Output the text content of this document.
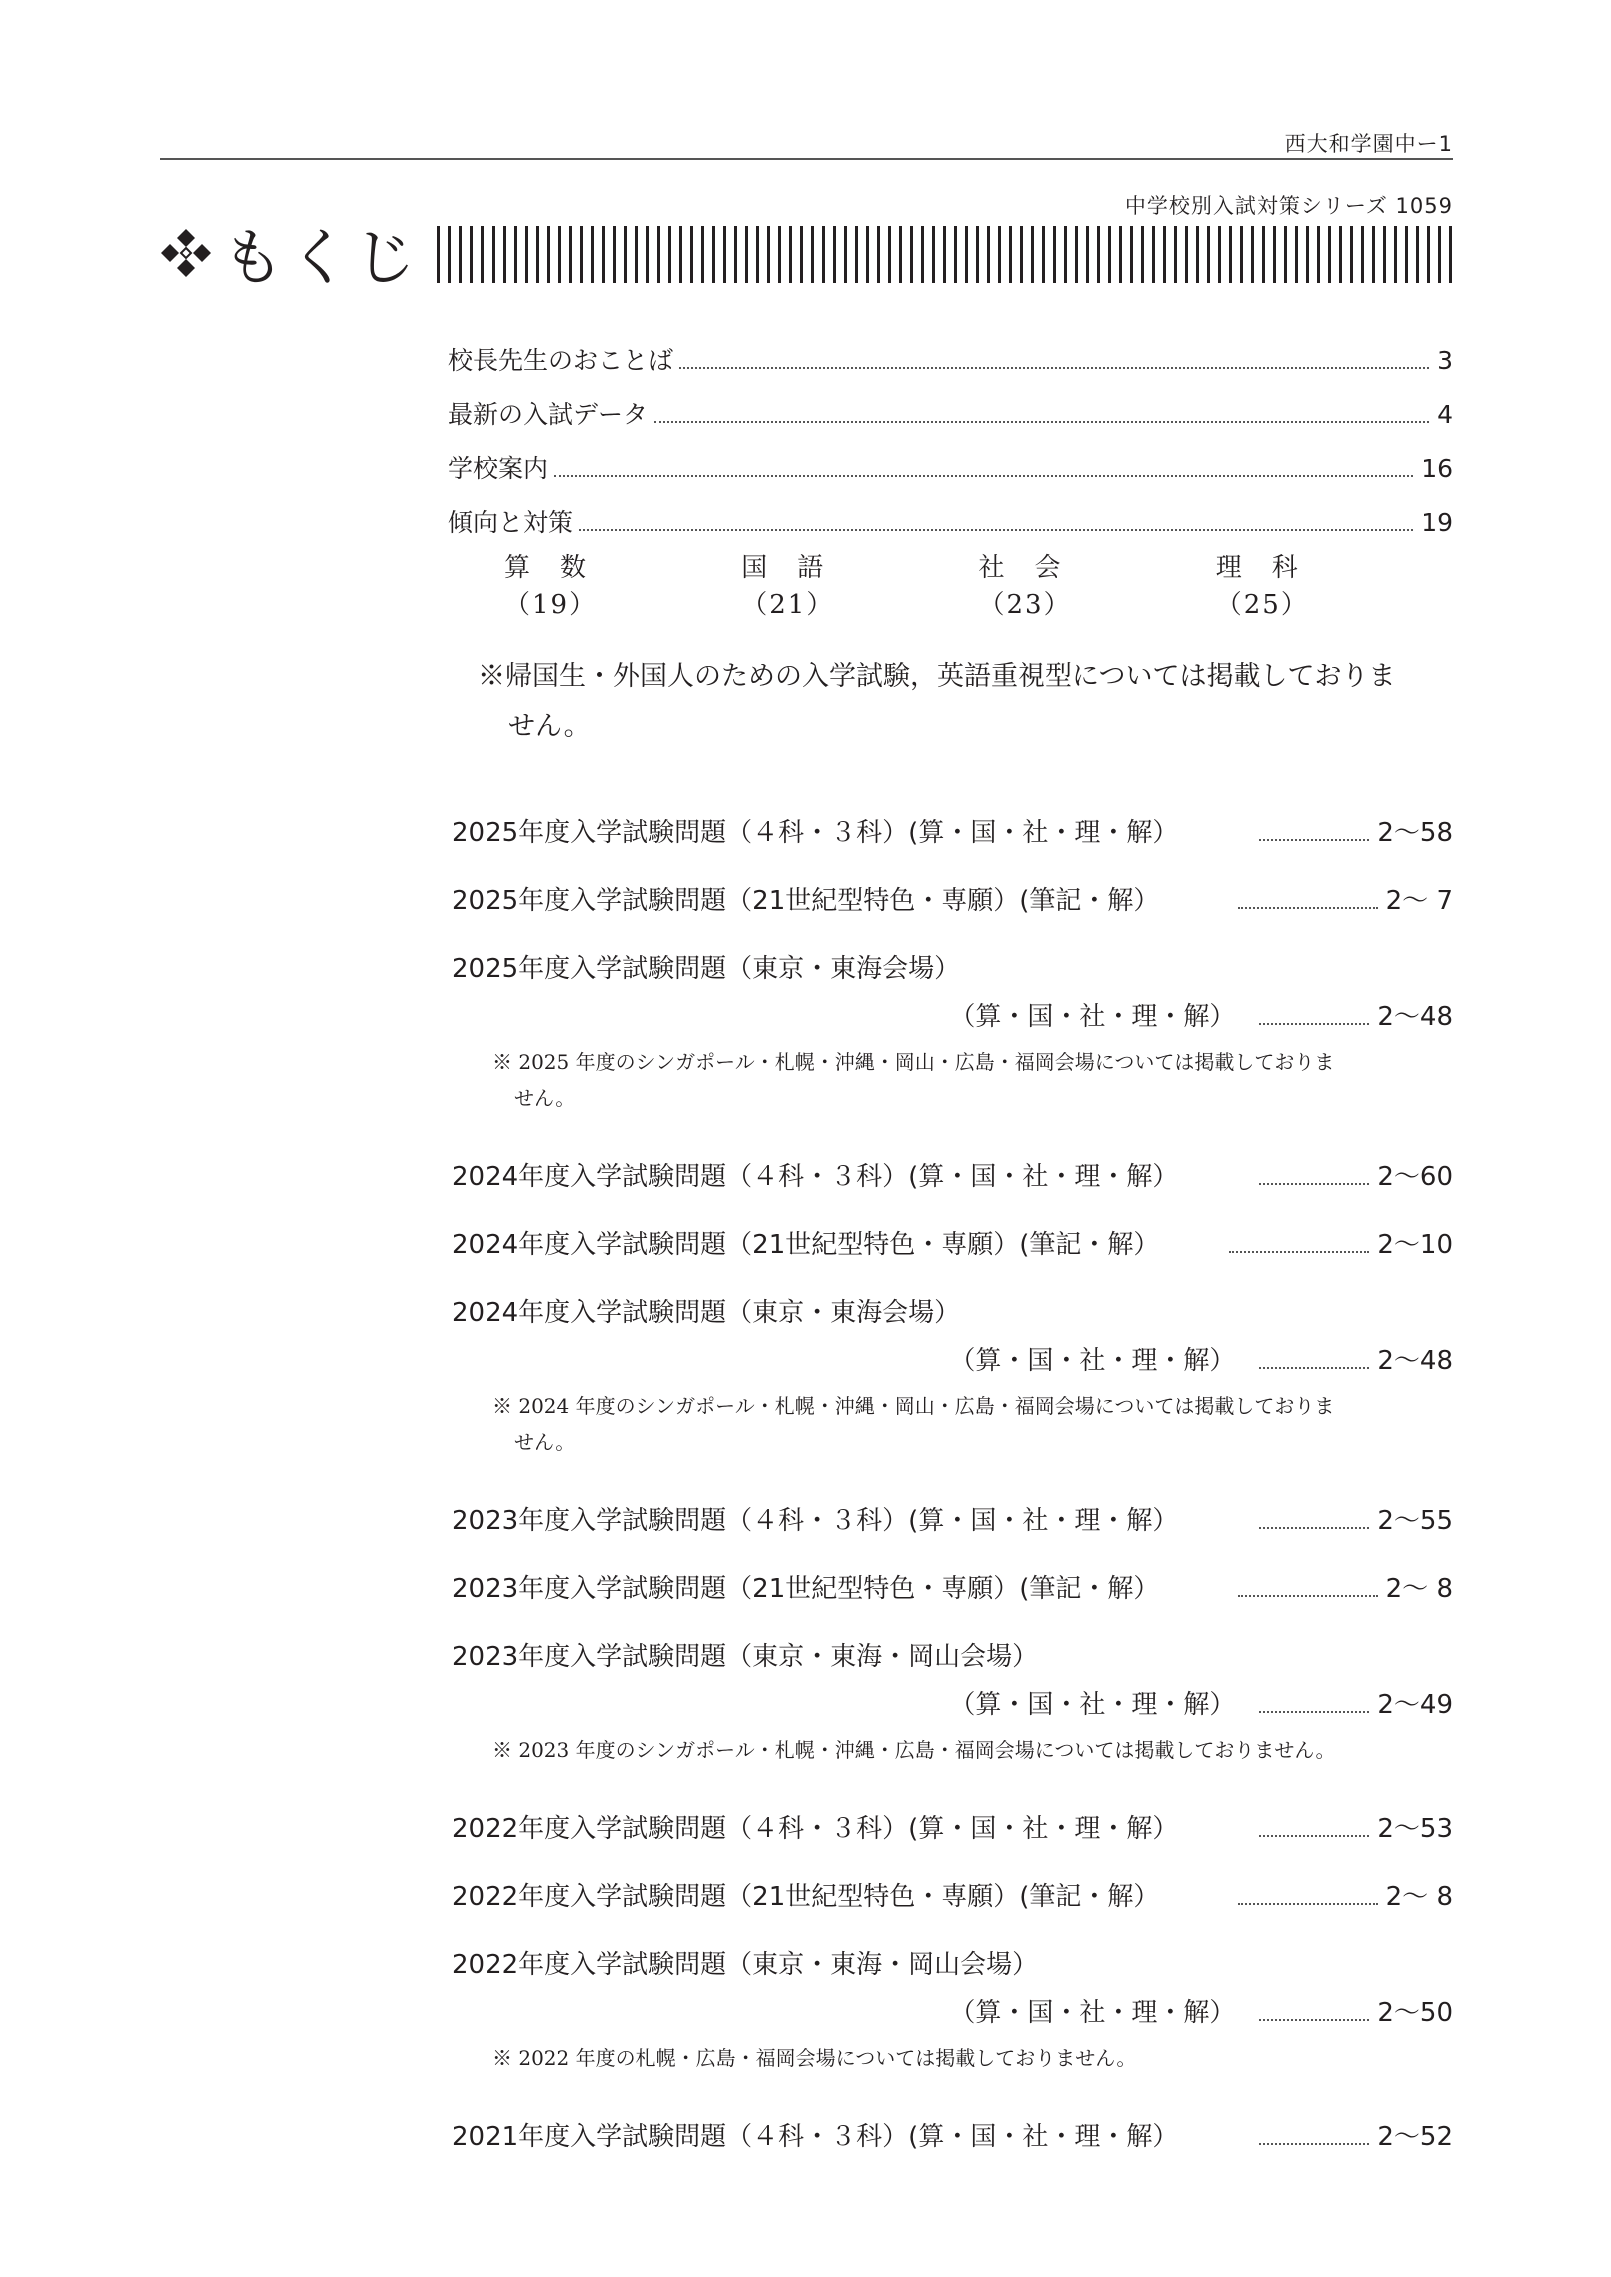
西大和学園中ー1
中学校別入試対策シリーズ 1059
もくじ
校長先生のおことば	3
最新の入試データ	4
学校案内	16
傾向と対策	19
算　数（19）
国　語（21）
社　会（23）
理　科（25）
※帰国生・外国人のための入学試験，英語重視型については掲載しておりま
せん。
2025年度入学試験問題（４科・３科） (算・国・社・理・解）	2〜58
2025年度入学試験問題（21世紀型特色・専願） (筆記・解）	2〜 7
2025年度入学試験問題（東京・東海会場）
（算・国・社・理・解）	2〜48
※ 2025 年度のシンガポール・札幌・沖縄・岡山・広島・福岡会場については掲載しておりま
せん。
2024年度入学試験問題（４科・３科） (算・国・社・理・解）	2〜60
2024年度入学試験問題（21世紀型特色・専願） (筆記・解）	2〜10
2024年度入学試験問題（東京・東海会場）
（算・国・社・理・解）	2〜48
※ 2024 年度のシンガポール・札幌・沖縄・岡山・広島・福岡会場については掲載しておりま
せん。
2023年度入学試験問題（４科・３科） (算・国・社・理・解）	2〜55
2023年度入学試験問題（21世紀型特色・専願） (筆記・解）	2〜 8
2023年度入学試験問題（東京・東海・岡山会場）
（算・国・社・理・解）	2〜49
※ 2023 年度のシンガポール・札幌・沖縄・広島・福岡会場については掲載しておりません。
2022年度入学試験問題（４科・３科） (算・国・社・理・解）	2〜53
2022年度入学試験問題（21世紀型特色・専願） (筆記・解）	2〜 8
2022年度入学試験問題（東京・東海・岡山会場）
（算・国・社・理・解）	2〜50
※ 2022 年度の札幌・広島・福岡会場については掲載しておりません。
2021年度入学試験問題（４科・３科） (算・国・社・理・解）	2〜52
